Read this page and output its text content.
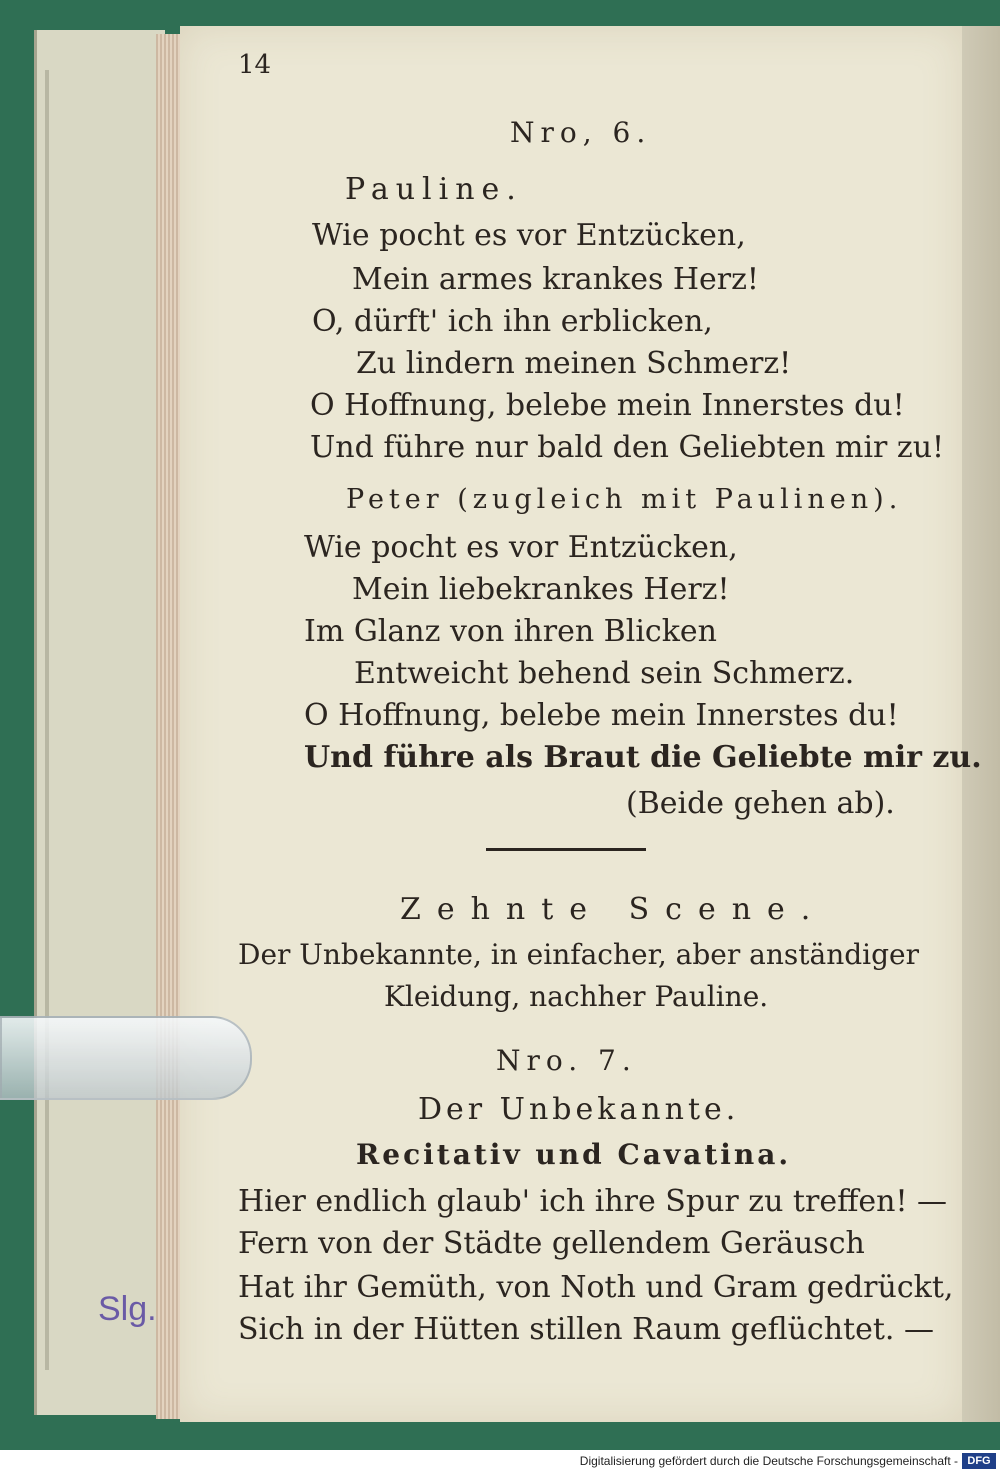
Slg.
14
Nro, 6.
Pauline.
Wie pocht es vor Entzücken,
Mein armes krankes Herz!
O, dürft' ich ihn erblicken,
Zu lindern meinen Schmerz!
O Hoffnung, belebe mein Innerstes du!
Und führe nur bald den Geliebten mir zu!
Peter (zugleich mit Paulinen).
Wie pocht es vor Entzücken,
Mein liebekrankes Herz!
Im Glanz von ihren Blicken
Entweicht behend sein Schmerz.
O Hoffnung, belebe mein Innerstes du!
Und führe als Braut die Geliebte mir zu.
(Beide gehen ab).
Zehnte Scene.
Der Unbekannte, in einfacher, aber anständiger
Kleidung, nachher Pauline.
Nro. 7.
Der Unbekannte.
Recitativ und Cavatina.
Hier endlich glaub' ich ihre Spur zu treffen! —
Fern von der Städte gellendem Geräusch
Hat ihr Gemüth, von Noth und Gram gedrückt,
Sich in der Hütten stillen Raum geflüchtet. —
Digitalisierung gefördert durch die Deutsche Forschungsgemeinschaft - DFG
